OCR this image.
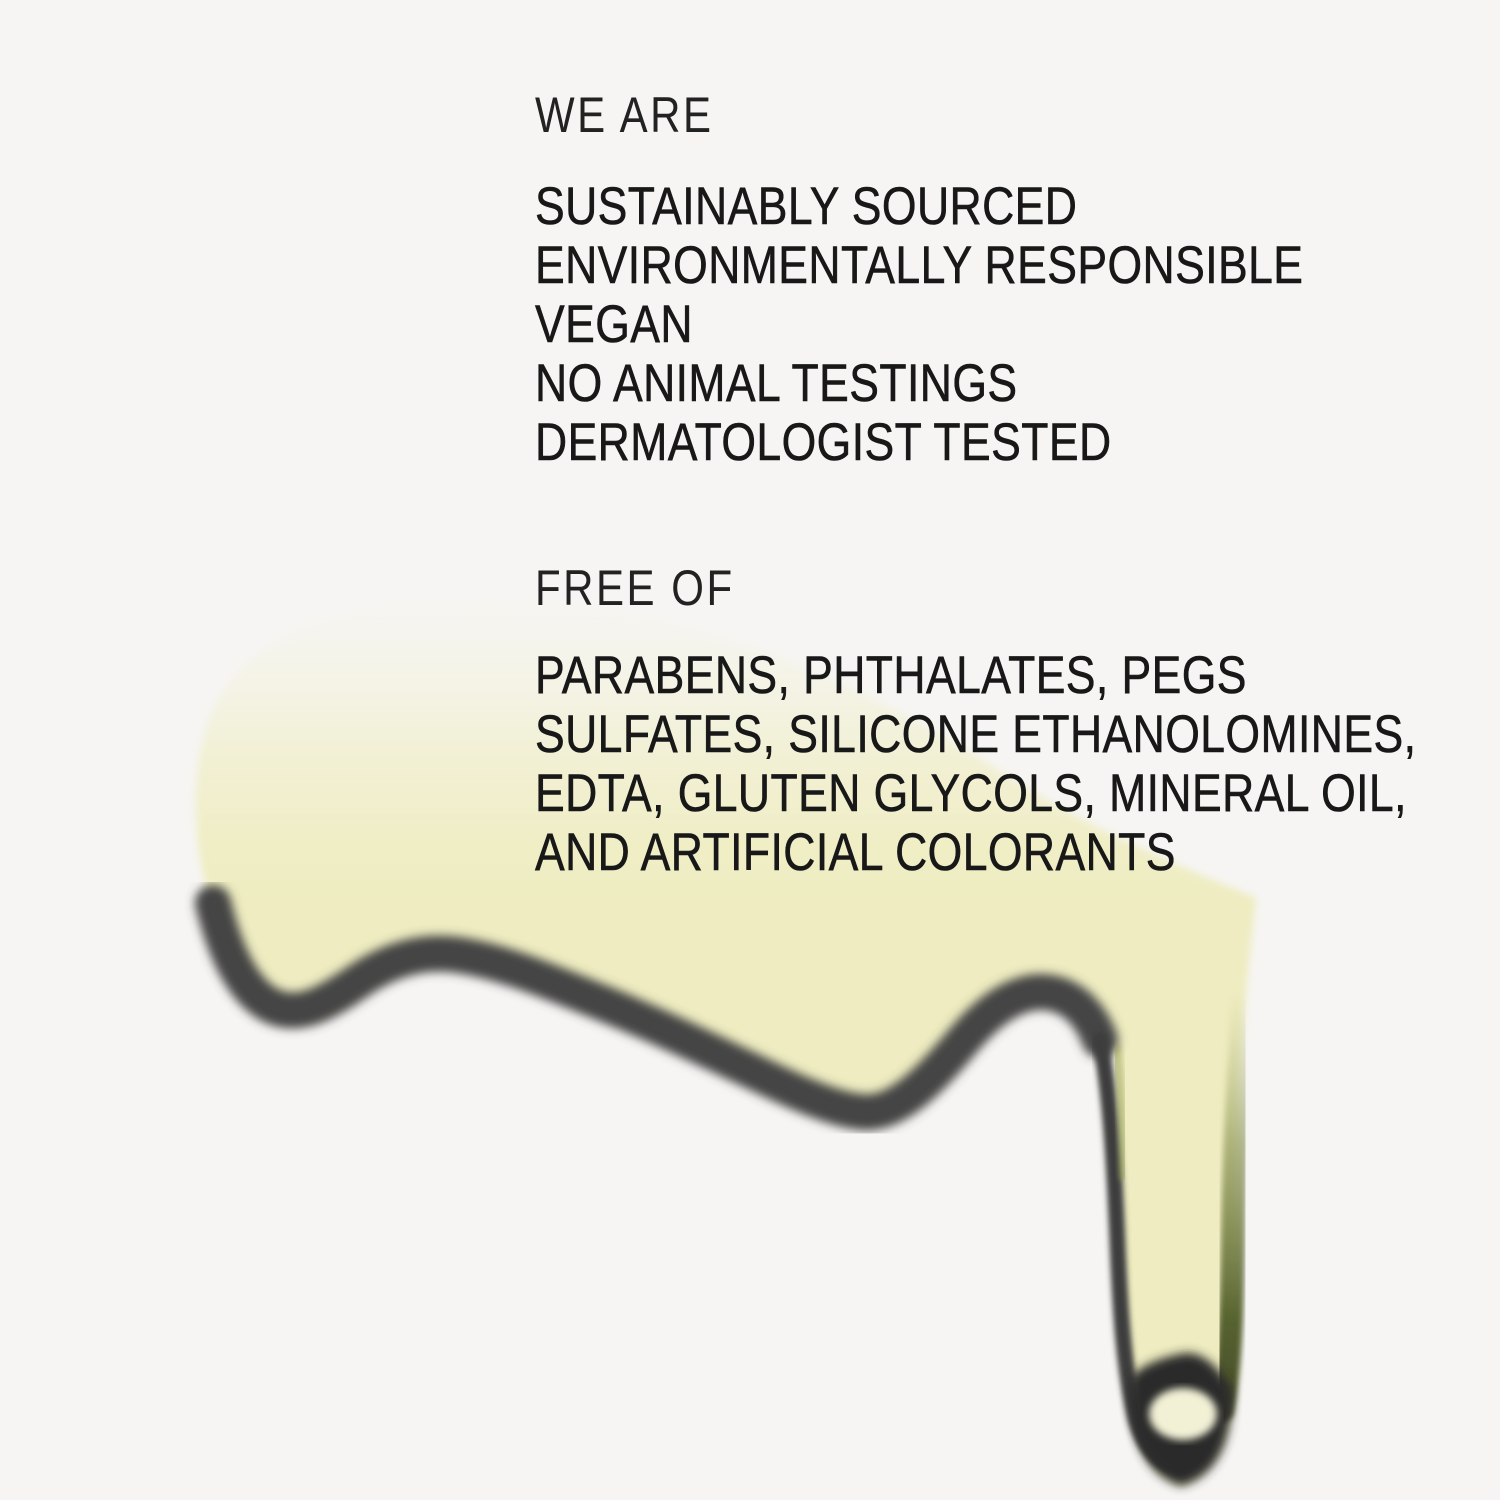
WE ARE
SUSTAINABLY SOURCED
ENVIRONMENTALLY RESPONSIBLE
VEGAN
NO ANIMAL TESTINGS
DERMATOLOGIST TESTED
FREE OF
PARABENS, PHTHALATES, PEGS
SULFATES, SILICONE ETHANOLOMINES,
EDTA, GLUTEN GLYCOLS, MINERAL OIL,
AND ARTIFICIAL COLORANTS
